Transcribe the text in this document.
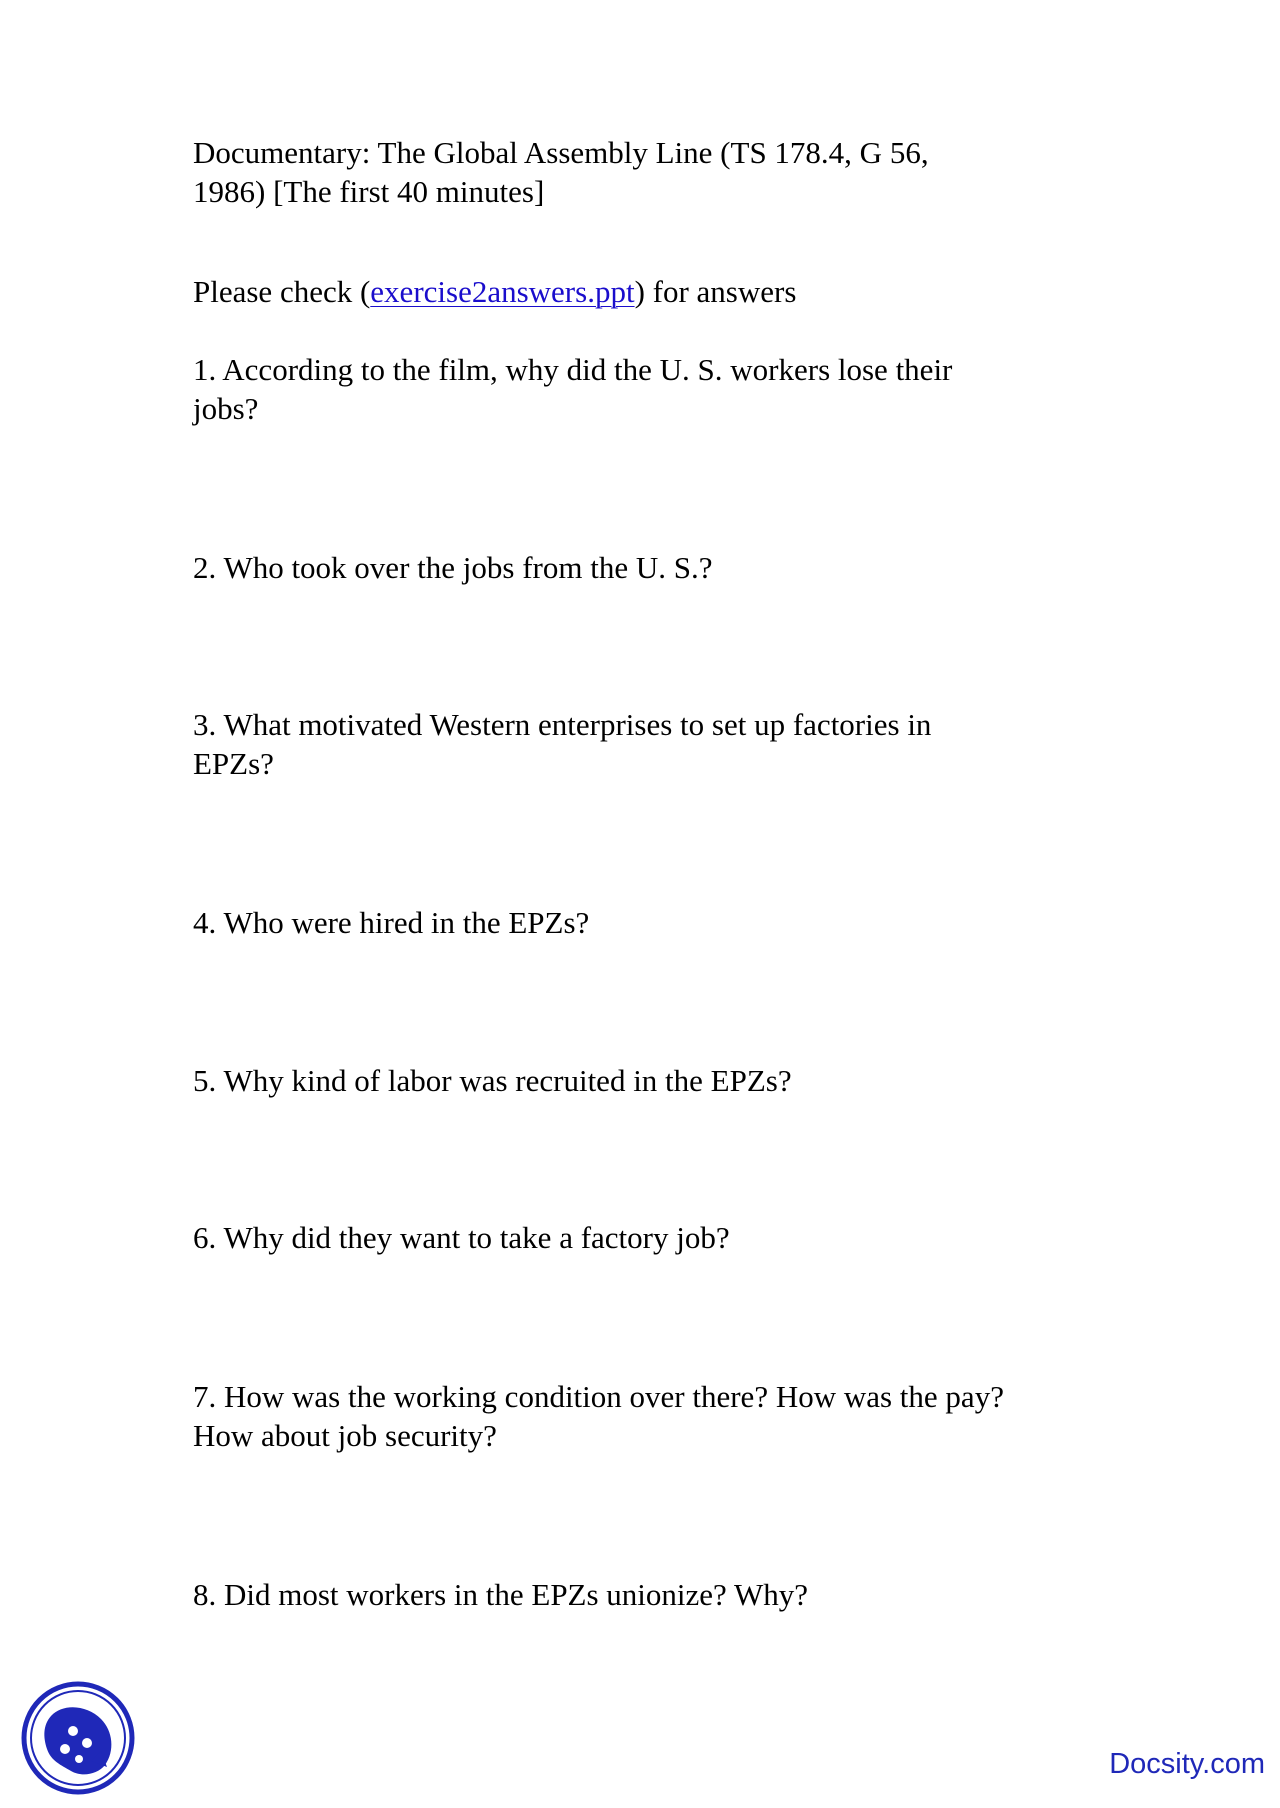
Documentary: The Global Assembly Line (TS 178.4, G 56,
1986) [The first 40 minutes]
Please check (exercise2answers.ppt) for answers
1. According to the film, why did the U. S. workers lose their
jobs?
2. Who took over the jobs from the U. S.?
3. What motivated Western enterprises to set up factories in
EPZs?
4. Who were hired in the EPZs?
5. Why kind of labor was recruited in the EPZs?
6. Why did they want to take a factory job?
7. How was the working condition over there? How was the pay?
How about job security?
8. Did most workers in the EPZs unionize? Why?
Docsity.com
